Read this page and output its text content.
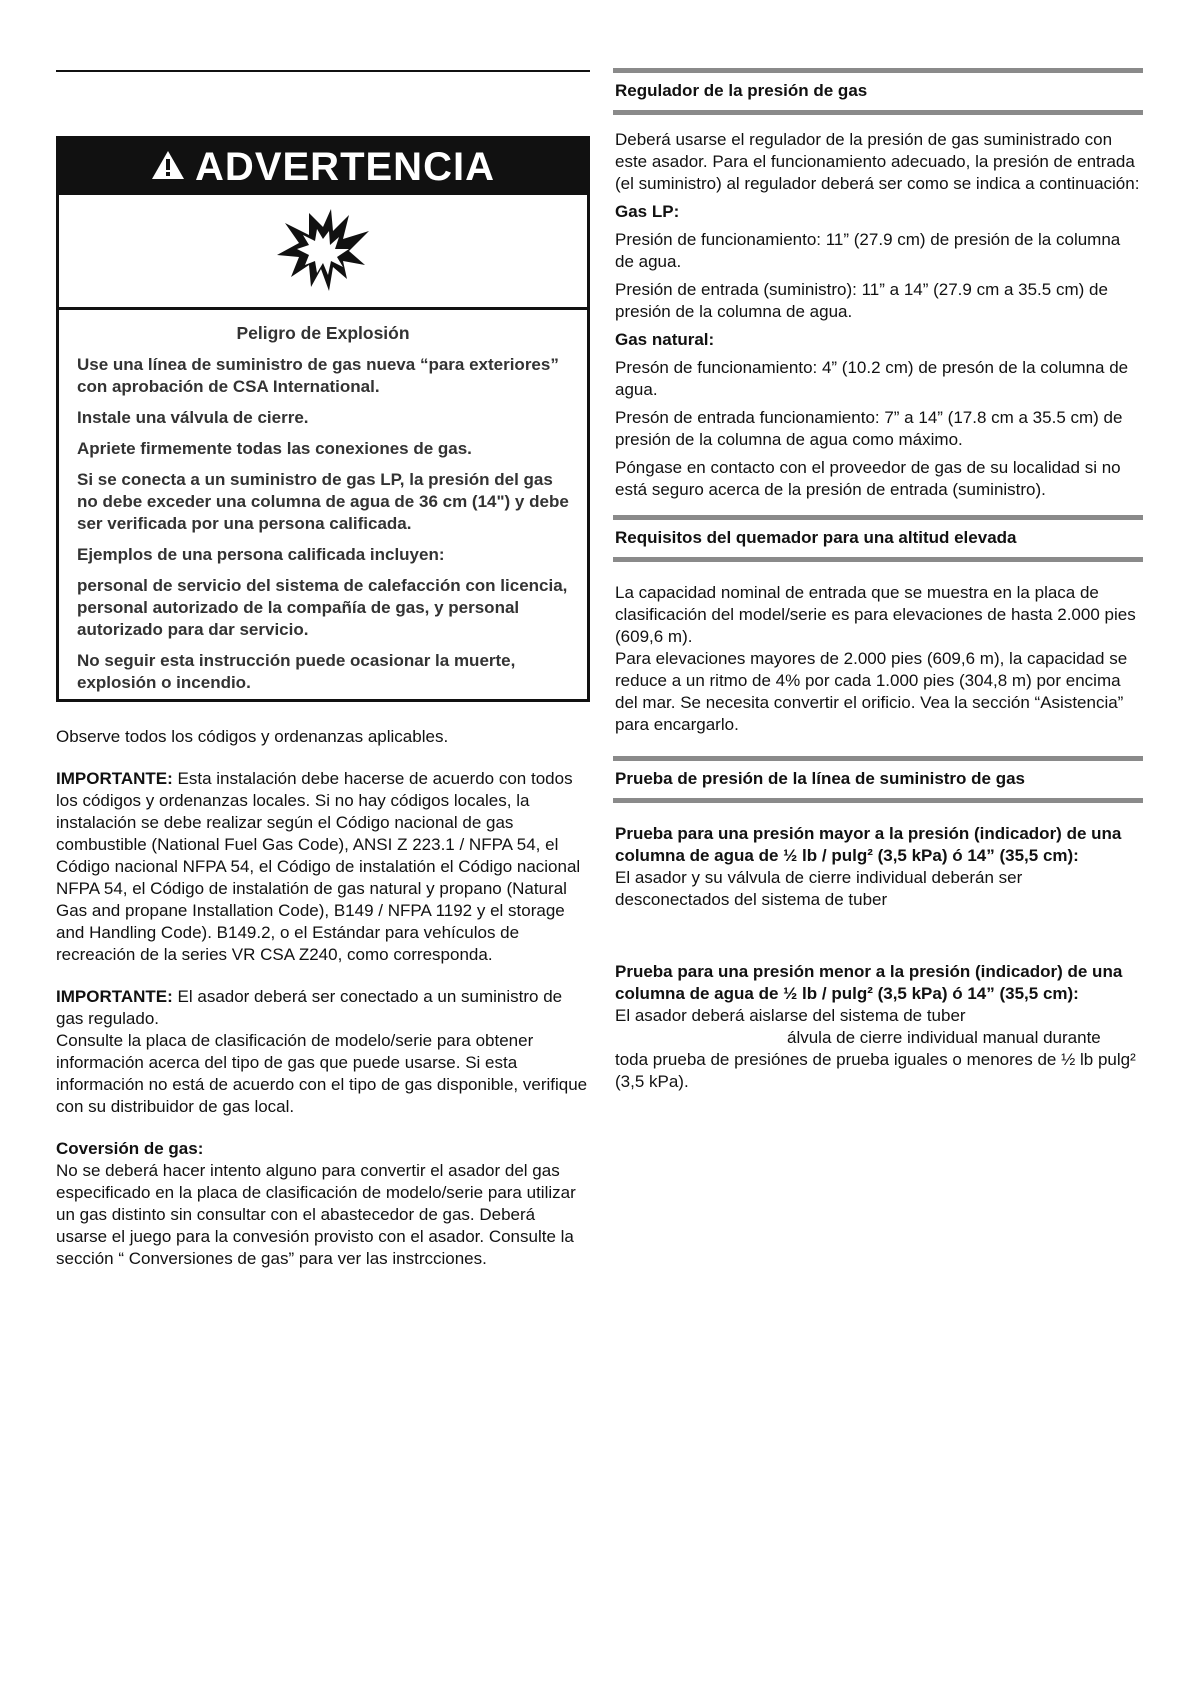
ADVERTENCIA
Peligro de Explosión

Use una línea de suministro de gas nueva “para exteriores” con aprobación de CSA International.

Instale una válvula de cierre.

Apriete firmemente todas las conexiones de gas.

Si se conecta a un suministro de gas LP, la presión del gas no debe exceder una columna de agua de 36 cm (14") y debe ser verificada por una persona calificada.

Ejemplos de una persona calificada incluyen:

personal de servicio del sistema de calefacción con licencia, personal autorizado de la compañía de gas, y personal autorizado para dar servicio.

No seguir esta instrucción puede ocasionar la muerte, explosión o incendio.

Observe todos los códigos y ordenanzas aplicables.

IMPORTANTE: Esta instalación debe hacerse de acuerdo con todos los códigos y ordenanzas locales. Si no hay códigos locales, la instalación se debe realizar según el Código nacional de gas combustible (National Fuel Gas Code), ANSI Z 223.1 / NFPA 54, el Código nacional NFPA 54, el Código de instalatión el Código nacional NFPA 54, el Código de instalatión de gas natural y propano (Natural Gas and propane Installation Code), B149 / NFPA 1192 y el storage and Handling Code). B149.2, o el Estándar para vehículos de recreación de la series VR CSA Z240, como corresponda.

IMPORTANTE: El asador deberá ser conectado a un suministro de gas regulado.

Consulte la placa de clasificación de modelo/serie para obtener información acerca del tipo de gas que puede usarse. Si esta información no está de acuerdo con el tipo de gas disponible, verifique con su distribuidor de gas local.

Coversión de gas:

No se deberá hacer intento alguno para convertir el asador del gas especificado en la placa de clasificación de modelo/serie para utilizar un gas distinto sin consultar con el abastecedor de gas. Deberá usarse el juego para la convesión provisto con el asador. Consulte la sección “ Conversiones de gas” para ver las instrcciones.

Regulador de la presión de gas

Deberá usarse el regulador de la presión de gas suministrado con este asador. Para el funcionamiento adecuado, la presión de entrada (el suministro) al regulador deberá ser como se indica a continuación:

Gas LP:

Presión de funcionamiento: 11” (27.9 cm) de presión de la columna de agua.

Presión de entrada (suministro): 11” a 14” (27.9 cm a 35.5 cm) de presión de la columna de agua.

Gas natural:

Presón de funcionamiento: 4” (10.2 cm) de presón de la columna de agua.

Presón de entrada funcionamiento: 7” a 14” (17.8 cm a 35.5 cm) de presión de la columna de agua como máximo.

Póngase en contacto con el proveedor de gas de su localidad si no está seguro acerca de la presión de entrada (suministro).

Requisitos del quemador para una altitud elevada

La capacidad nominal de entrada que se muestra en la placa de clasificación del model/serie es para elevaciones de hasta 2.000 pies (609,6 m).

Para elevaciones mayores de 2.000 pies (609,6 m), la capacidad se reduce a un ritmo de 4% por cada 1.000 pies (304,8 m) por encima del mar. Se necesita convertir el orificio. Vea la sección “Asistencia” para encargarlo.

Prueba de presión de la línea de suministro de gas

Prueba para una presión mayor a la presión (indicador) de una columna de agua de ½ lb / pulg² (3,5 kPa) ó 14” (35,5 cm):

El asador y su válvula de cierre individual deberán ser desconectados del sistema de tuber

Prueba para una presión menor a la presión (indicador) de una columna de agua de ½ lb / pulg² (3,5 kPa) ó 14” (35,5 cm):

El asador deberá aislarse del sistema de tuber

álvula de cierre individual manual durante

toda prueba de presiónes de prueba iguales o menores de ½ lb pulg² (3,5 kPa).
